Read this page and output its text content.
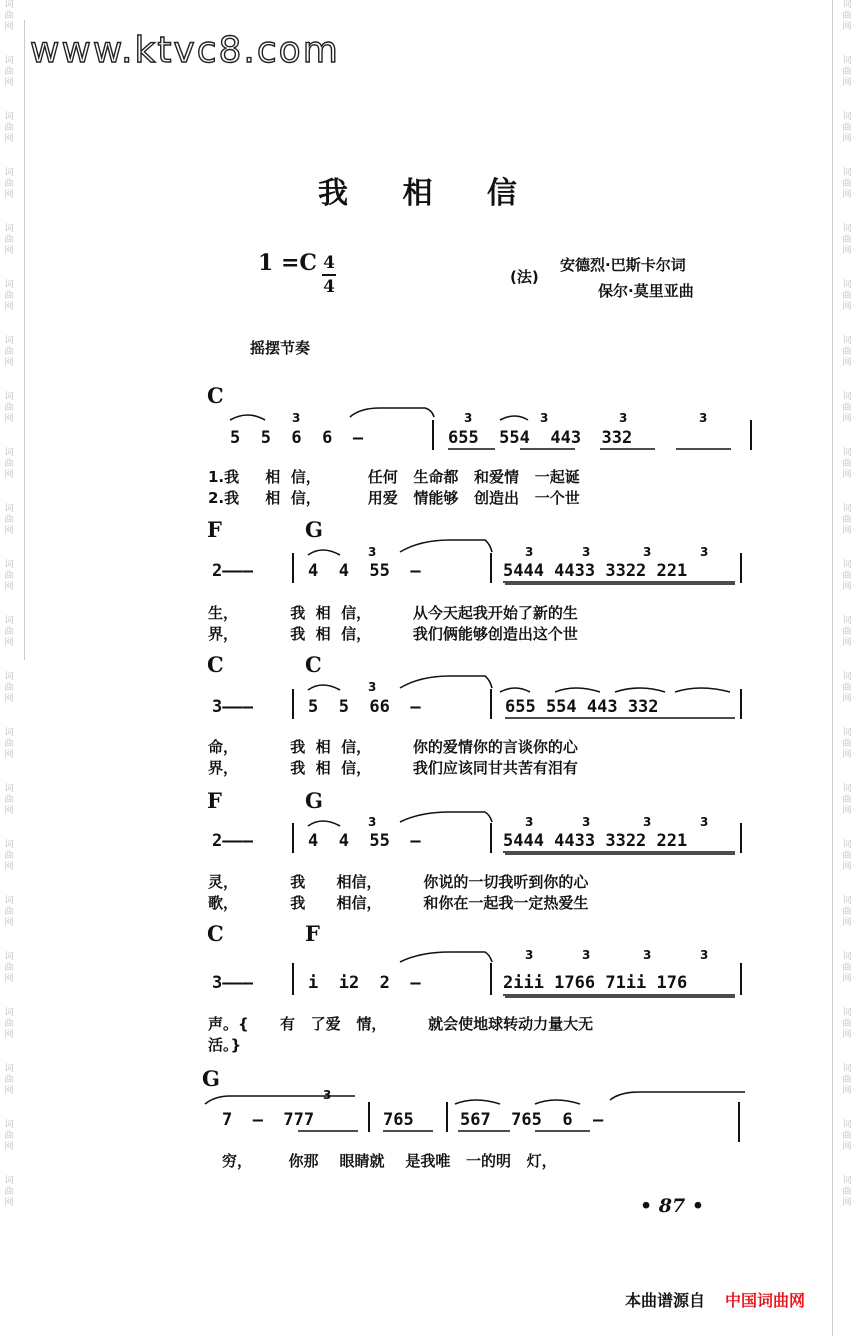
词
曲
网
词
曲
网
词
曲
网
词
曲
网
词
曲
网
词
曲
网
词
曲
网
词
曲
网
词
曲
网
词
曲
网
词
曲
网
词
曲
网
词
曲
网
词
曲
网
词
曲
网
词
曲
网
词
曲
网
词
曲
网
词
曲
网
词
曲
网
词
曲
网
词
曲
网
词
曲
网
词
曲
网
词
曲
网
词
曲
网
词
曲
网
词
曲
网
词
曲
网
词
曲
网
词
曲
网
词
曲
网
词
曲
网
词
曲
网
词
曲
网
词
曲
网
词
曲
网
词
曲
网
词
曲
网
词
曲
网
词
曲
网
词
曲
网
词
曲
网
词
曲
网
www.ktvc8.com
我 相 信
1 =C 4
4	(法)
安德烈·巴斯卡尔词
保尔·莫里亚曲
摇摆节奏
C
5  5  6  6  —	655  554  443  332
1.我     相  信，         任何   生命都   和爱情   一起诞
2.我     相  信，         用爱   情能够   创造出   一个世
F	G
2———	4  4  55  —	5444 4433 3322 221
生，          我  相  信，        从今天起我开始了新的生
界，          我  相  信，        我们俩能够创造出这个世
C	C
3———	5  5  66  —	655 554 443 332
命，          我  相  信，        你的爱情你的言谈你的心
界，          我  相  信，        我们应该同甘共苦有泪有
F	G
2———	4  4  55  —	5444 4433 3322 221
灵，          我      相信，        你说的一切我听到你的心
歌，          我      相信，        和你在一起我一定热爱生
C	F
3———	i  i2  2  —	2iii 1766 71ii 176
声。{      有   了爱   情，        就会使地球转动力量大无
活。}
G
7  —  777	765	567  765  6  —
穷，       你那    眼睛就    是我唯   一的明   灯，
3	3	3	3	3
3	3	3	3	3
3
3	3	3	3	3
3	3	3	3
3
• 87 •
本曲谱源自 中国词曲网
